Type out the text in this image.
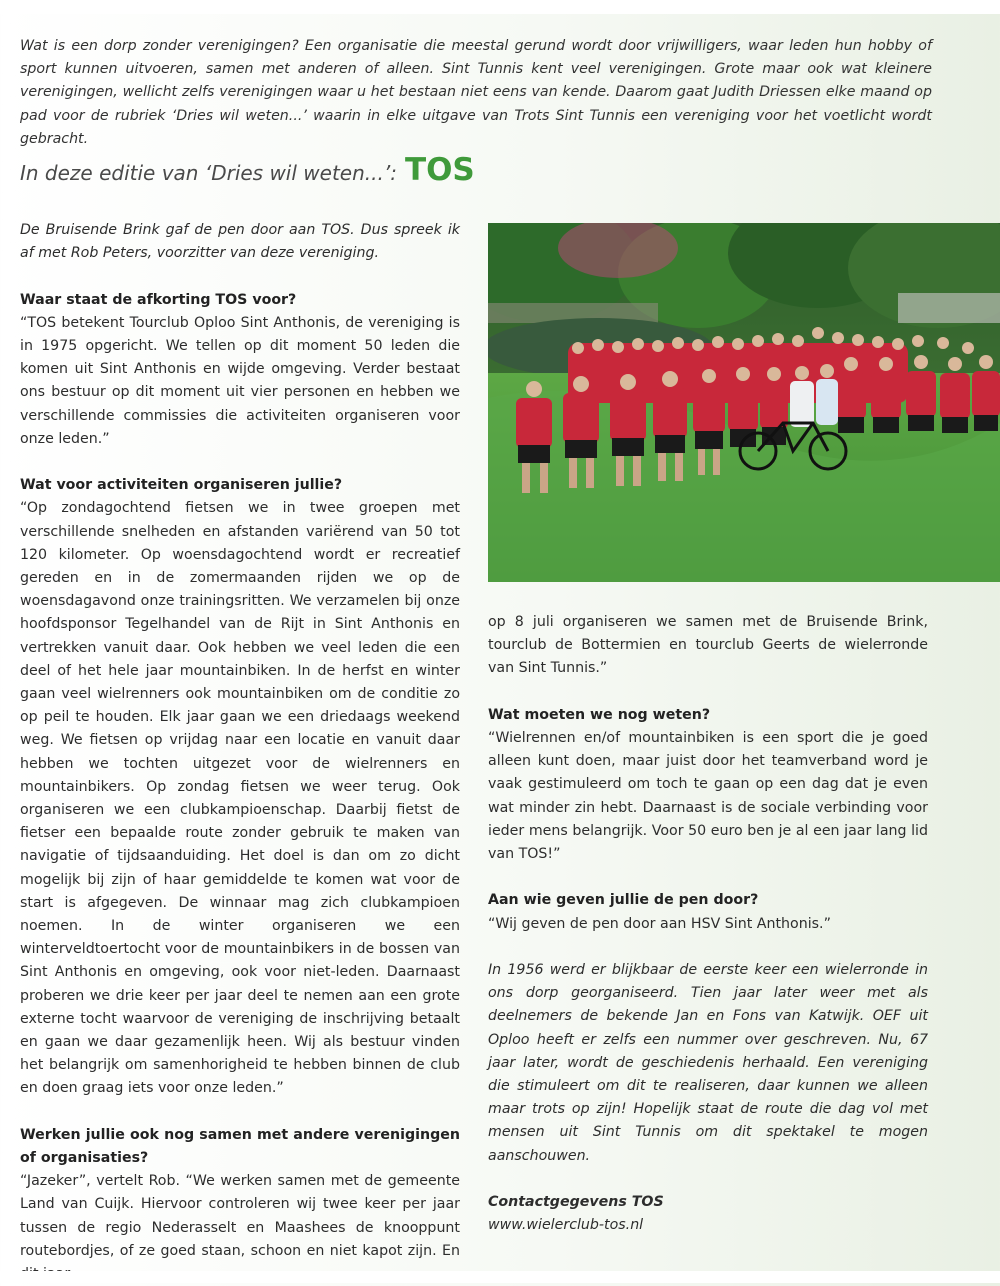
Wat is een dorp zonder verenigingen? Een organisatie die meestal gerund wordt door vrijwilligers, waar leden hun hobby of sport kunnen uitvoeren, samen met anderen of alleen. Sint Tunnis kent veel verenigingen. Grote maar ook wat kleinere verenigingen, wellicht zelfs verenigingen waar u het bestaan niet eens van kende. Daarom gaat Judith Driessen elke maand op pad voor de rubriek ‘Dries wil weten...’ waarin in elke uitgave van Trots Sint Tunnis een vereniging voor het voetlicht wordt gebracht.

In deze editie van ‘Dries wil weten...’: TOS

De Bruisende Brink gaf de pen door aan TOS. Dus spreek ik af met Rob Peters, voorzitter van deze vereniging.

Waar staat de afkorting TOS voor?

“TOS betekent Tourclub Oploo Sint Anthonis, de vereniging is in 1975 opgericht. We tellen op dit moment 50 leden die komen uit Sint Anthonis en wijde omgeving. Verder bestaat ons bestuur op dit moment uit vier personen en hebben we verschillende commissies die activiteiten organiseren voor onze leden.”

Wat voor activiteiten organiseren jullie?

“Op zondagochtend fietsen we in twee groepen met verschillende snelheden en afstanden variërend van 50 tot 120 kilometer. Op woensdagochtend wordt er recreatief gereden en in de zomermaanden rijden we op de woensdagavond onze trainingsritten. We verzamelen bij onze hoofdsponsor Tegelhandel van de Rijt in Sint Anthonis en vertrekken vanuit daar. Ook hebben we veel leden die een deel of het hele jaar mountainbiken. In de herfst en winter gaan veel wielrenners ook mountainbiken om de conditie zo op peil te houden. Elk jaar gaan we een driedaags weekend weg. We fietsen op vrijdag naar een locatie en vanuit daar hebben we tochten uitgezet voor de wielrenners en mountainbikers. Op zondag fietsen we weer terug. Ook organiseren we een clubkampioenschap. Daarbij fietst de fietser een bepaalde route zonder gebruik te maken van navigatie of tijdsaanduiding. Het doel is dan om zo dicht mogelijk bij zijn of haar gemiddelde te komen wat voor de start is afgegeven. De winnaar mag zich clubkampioen noemen. In de winter organiseren we een winterveldtoertocht voor de mountainbikers in de bossen van Sint Anthonis en omgeving, ook voor niet-leden. Daarnaast proberen we drie keer per jaar deel te nemen aan een grote externe tocht waarvoor de vereniging de inschrijving betaalt en gaan we daar gezamenlijk heen. Wij als bestuur vinden het belangrijk om samenhorigheid te hebben binnen de club en doen graag iets voor onze leden.”

Werken jullie ook nog samen met andere verenigingen of organisaties?

“Jazeker”, vertelt Rob. “We werken samen met de gemeente Land van Cuijk. Hiervoor controleren wij twee keer per jaar tussen de regio Nederasselt en Maashees de knooppunt routebordjes, of ze goed staan, schoon en niet kapot zijn. En

op 8 juli organiseren we samen met de Bruisende Brink, tourclub de Bottermien en tourclub Geerts de wielerronde van Sint Tunnis.”

Wat moeten we nog weten?

“Wielrennen en/of mountainbiken is een sport die je goed alleen kunt doen, maar juist door het teamverband word je vaak gestimuleerd om toch te gaan op een dag dat je even wat minder zin hebt. Daarnaast is de sociale verbinding voor ieder mens belangrijk. Voor 50 euro ben je al een jaar lang lid van TOS!”

Aan wie geven jullie de pen door?

“Wij geven de pen door aan HSV Sint Anthonis.”

In 1956 werd er blijkbaar de eerste keer een wielerronde in ons dorp georganiseerd. Tien jaar later weer met als deelnemers de bekende Jan en Fons van Katwijk. OEF uit Oploo heeft er zelfs een nummer over geschreven. Nu, 67 jaar later, wordt de geschiedenis herhaald. Een vereniging die stimuleert om dit te realiseren, daar kunnen we alleen maar trots op zijn! Hopelijk staat de route die dag vol met mensen uit Sint Tunnis om dit spektakel te mogen aanschouwen.

Contactgegevens TOS

www.wielerclub-tos.nl
